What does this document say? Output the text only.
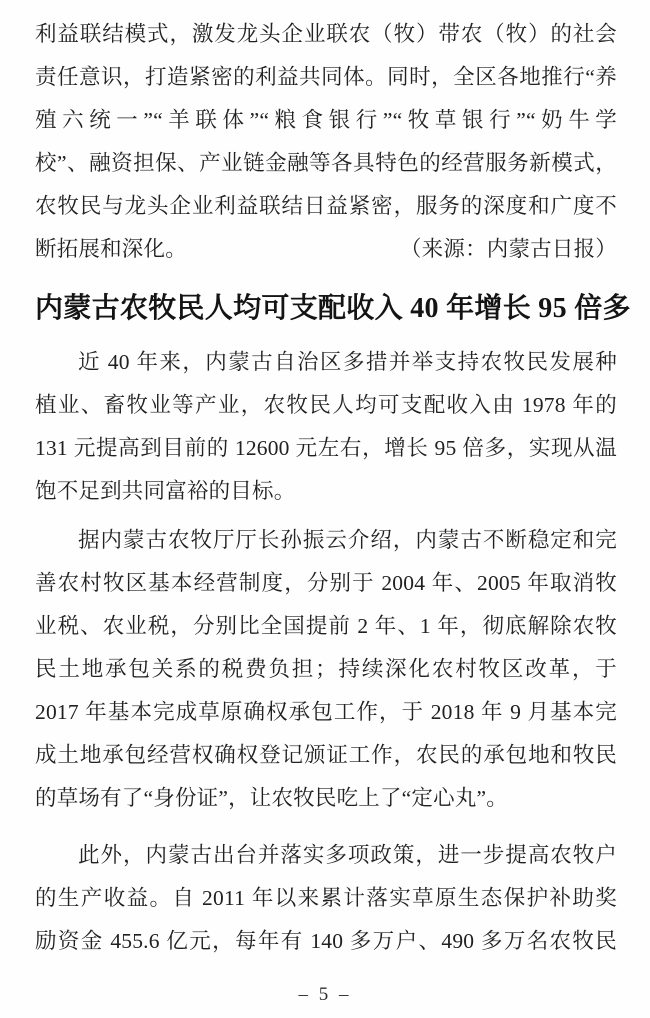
利益联结模式，激发龙头企业联农（牧）带农（牧）的社会
责任意识，打造紧密的利益共同体。同时，全区各地推行“养
殖六统一”“羊联体”“粮食银行”“牧草银行”“奶牛学
校”、融资担保、产业链金融等各具特色的经营服务新模式，
农牧民与龙头企业利益联结日益紧密，服务的深度和广度不
断拓展和深化。	（来源：内蒙古日报）
内蒙古农牧民人均可支配收入 40 年增长 95 倍多
近 40 年来，内蒙古自治区多措并举支持农牧民发展种
植业、畜牧业等产业，农牧民人均可支配收入由 1978 年的
131 元提高到目前的 12600 元左右，增长 95 倍多，实现从温
饱不足到共同富裕的目标。
据内蒙古农牧厅厅长孙振云介绍，内蒙古不断稳定和完
善农村牧区基本经营制度，分别于 2004 年、2005 年取消牧
业税、农业税，分别比全国提前 2 年、1 年，彻底解除农牧
民土地承包关系的税费负担；持续深化农村牧区改革，于
2017 年基本完成草原确权承包工作，于 2018 年 9 月基本完
成土地承包经营权确权登记颁证工作，农民的承包地和牧民
的草场有了“身份证”，让农牧民吃上了“定心丸”。
此外，内蒙古出台并落实多项政策，进一步提高农牧户
的生产收益。自 2011 年以来累计落实草原生态保护补助奖
励资金 455.6 亿元，每年有 140 多万户、490 多万名农牧民
– 5 –
